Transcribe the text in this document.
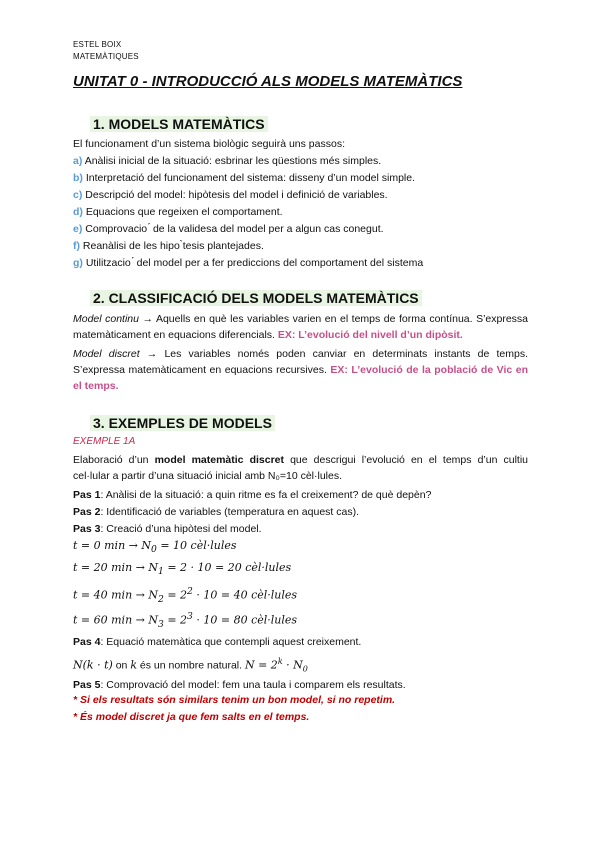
ESTEL BOIX
MATEMÀTIQUES
UNITAT 0 - INTRODUCCIÓ ALS MODELS MATEMÀTICS
1. MODELS MATEMÀTICS
El funcionament d’un sistema biològic seguirà uns passos:
a) Anàlisi inicial de la situació: esbrinar les qüestions més simples.
b) Interpretació del funcionament del sistema: disseny d’un model simple.
c) Descripció del model: hipòtesis del model i definició de variables.
d) Equacions que regeixen el comportament.
e) Comprovacio ́ de la validesa del model per a algun cas conegut.
f) Reanàlisi de les hipo ̀tesis plantejades.
g) Utilitzacio ́ del model per a fer prediccions del comportament del sistema
2. CLASSIFICACIÓ DELS MODELS MATEMÀTICS
Model continu → Aquells en què les variables varien en el temps de forma contínua. S’expressa matemàticament en equacions diferencials. EX: L’evolució del nivell d’un dipòsit.
Model discret → Les variables només poden canviar en determinats instants de temps. S’expressa matemàticament en equacions recursives. EX: L’evolució de la població de Vic en el temps.
3. EXEMPLES DE MODELS
EXEMPLE 1A
Elaboració d’un model matemàtic discret que descrigui l’evolució en el temps d’un cultiu cel·lular a partir d’una situació inicial amb N₀=10 cèl·lules.
Pas 1: Anàlisi de la situació: a quin ritme es fa el creixement? de què depèn?
Pas 2: Identificació de variables (temperatura en aquest cas).
Pas 3: Creació d’una hipòtesi del model.
t = 0 $\min \to N_0 = 10$ cèl·lules
t = 20 $\min \to N_1 = 2 \cdot 10 = 20$ cèl·lules
t = 40 $\min \to N_2 = 2^2 \cdot 10 = 40$ cèl·lules
t = 60 $\min \to N_3 = 2^3 \cdot 10 = 80$ cèl·lules
Pas 4: Equació matemàtica que contempli aquest creixement.
N(k · t) on k és un nombre natural. $N = 2^k \cdot N_0$
Pas 5: Comprovació del model: fem una taula i comparem els resultats.
* Si els resultats són similars tenim un bon model, si no repetim.
* És model discret ja que fem salts en el temps.
